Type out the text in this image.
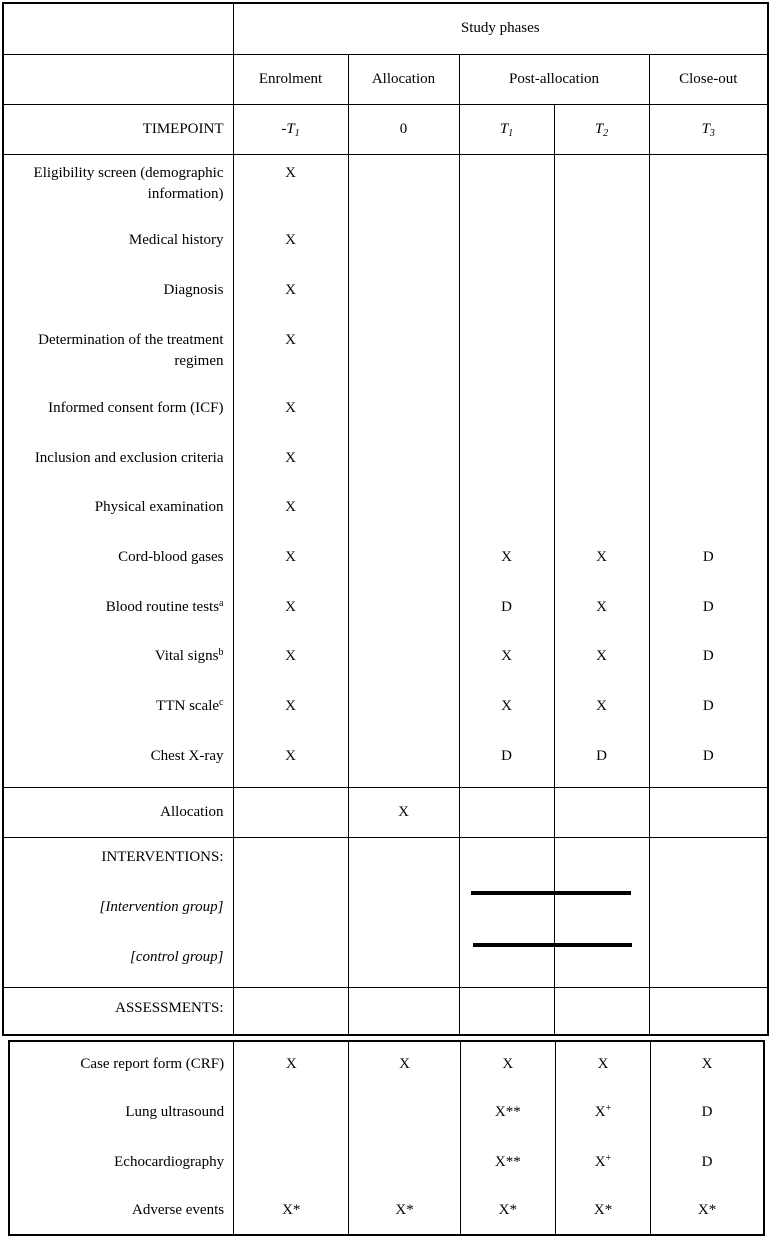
	Study phases				
	Enrolment	Allocation	Post-allocation		Close-out
TIMEPOINT	$-T_1$	0	$T_1$	$T_2$	$T_3$
Eligibility screen (demographic information)	X				
Medical history	X				
Diagnosis	X				
Determination of the treatment regimen	X				
Informed consent form (ICF)	X				
Inclusion and exclusion criteria	X				
Physical examination	X				
Cord-blood gases	X		X	X	D
Blood routine tests$^a$	X		D	X	D
Vital signs$^b$	X		X	X	D
TTN scale$^c$	X		X	X	D
Chest X-ray	X		D	D	D
Allocation		X			

INTERVENTIONS:
[Intervention group]
[control group]					

ASSESSMENTS:					
Case report form (CRF)	X	X	X	X	X
Lung ultrasound			X**	X+	D
Echocardiography			X**	X+	D
Adverse events	X*	X*	X*	X*	X*
